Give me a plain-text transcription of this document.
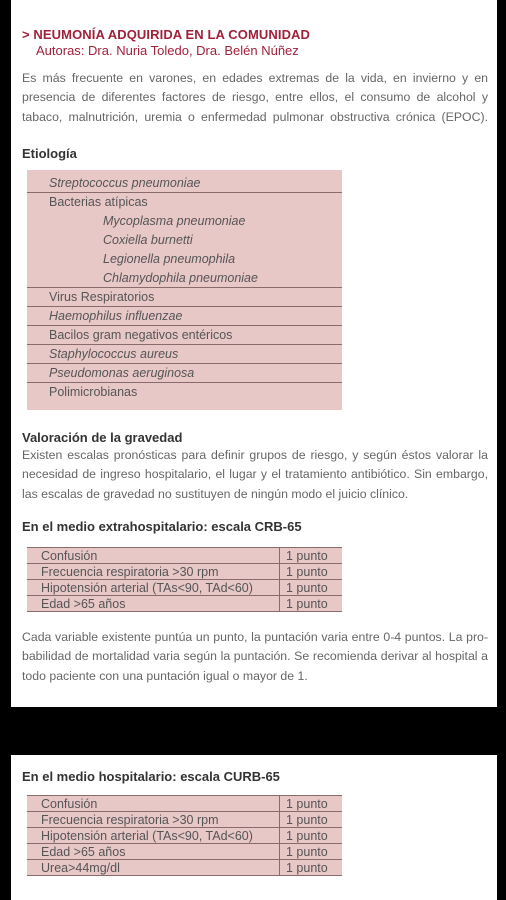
> NEUMONÍA ADQUIRIDA EN LA COMUNIDAD
Autoras: Dra. Nuria Toledo, Dra. Belén Núñez
Es más frecuente en varones, en edades extremas de la vida, en invierno y en
presencia de diferentes factores de riesgo, entre ellos, el consumo de alcohol y
tabaco, malnutrición, uremia o enfermedad pulmonar obstructiva crónica (EPOC).
Etiología
Streptococcus pneumoniae
Bacterias atípicas
Mycoplasma pneumoniae
Coxiella burnetti
Legionella pneumophila
Chlamydophila pneumoniae
Virus Respiratorios
Haemophilus influenzae
Bacilos gram negativos entéricos
Staphylococcus aureus
Pseudomonas aeruginosa
Polimicrobianas
Valoración de la gravedad
Existen escalas pronósticas para definir grupos de riesgo, y según éstos valorar la
necesidad de ingreso hospitalario, el lugar y el tratamiento antibiótico. Sin embargo,
las escalas de gravedad no sustituyen de ningún modo el juicio clínico.
En el medio extrahospitalario: escala CRB-65
Confusión	1 punto
Frecuencia respiratoria >30 rpm	1 punto
Hipotensión arterial (TAs<90, TAd<60)	1 punto
Edad >65 años	1 punto
Cada variable existente puntúa un punto, la puntación varia entre 0-4 puntos. La pro-
babilidad de mortalidad varia según la puntación. Se recomienda derivar al hospital a
todo paciente con una puntación igual o mayor de 1.
En el medio hospitalario: escala CURB-65
Confusión	1 punto
Frecuencia respiratoria >30 rpm	1 punto
Hipotensión arterial (TAs<90, TAd<60)	1 punto
Edad >65 años	1 punto
Urea>44mg/dl	1 punto
